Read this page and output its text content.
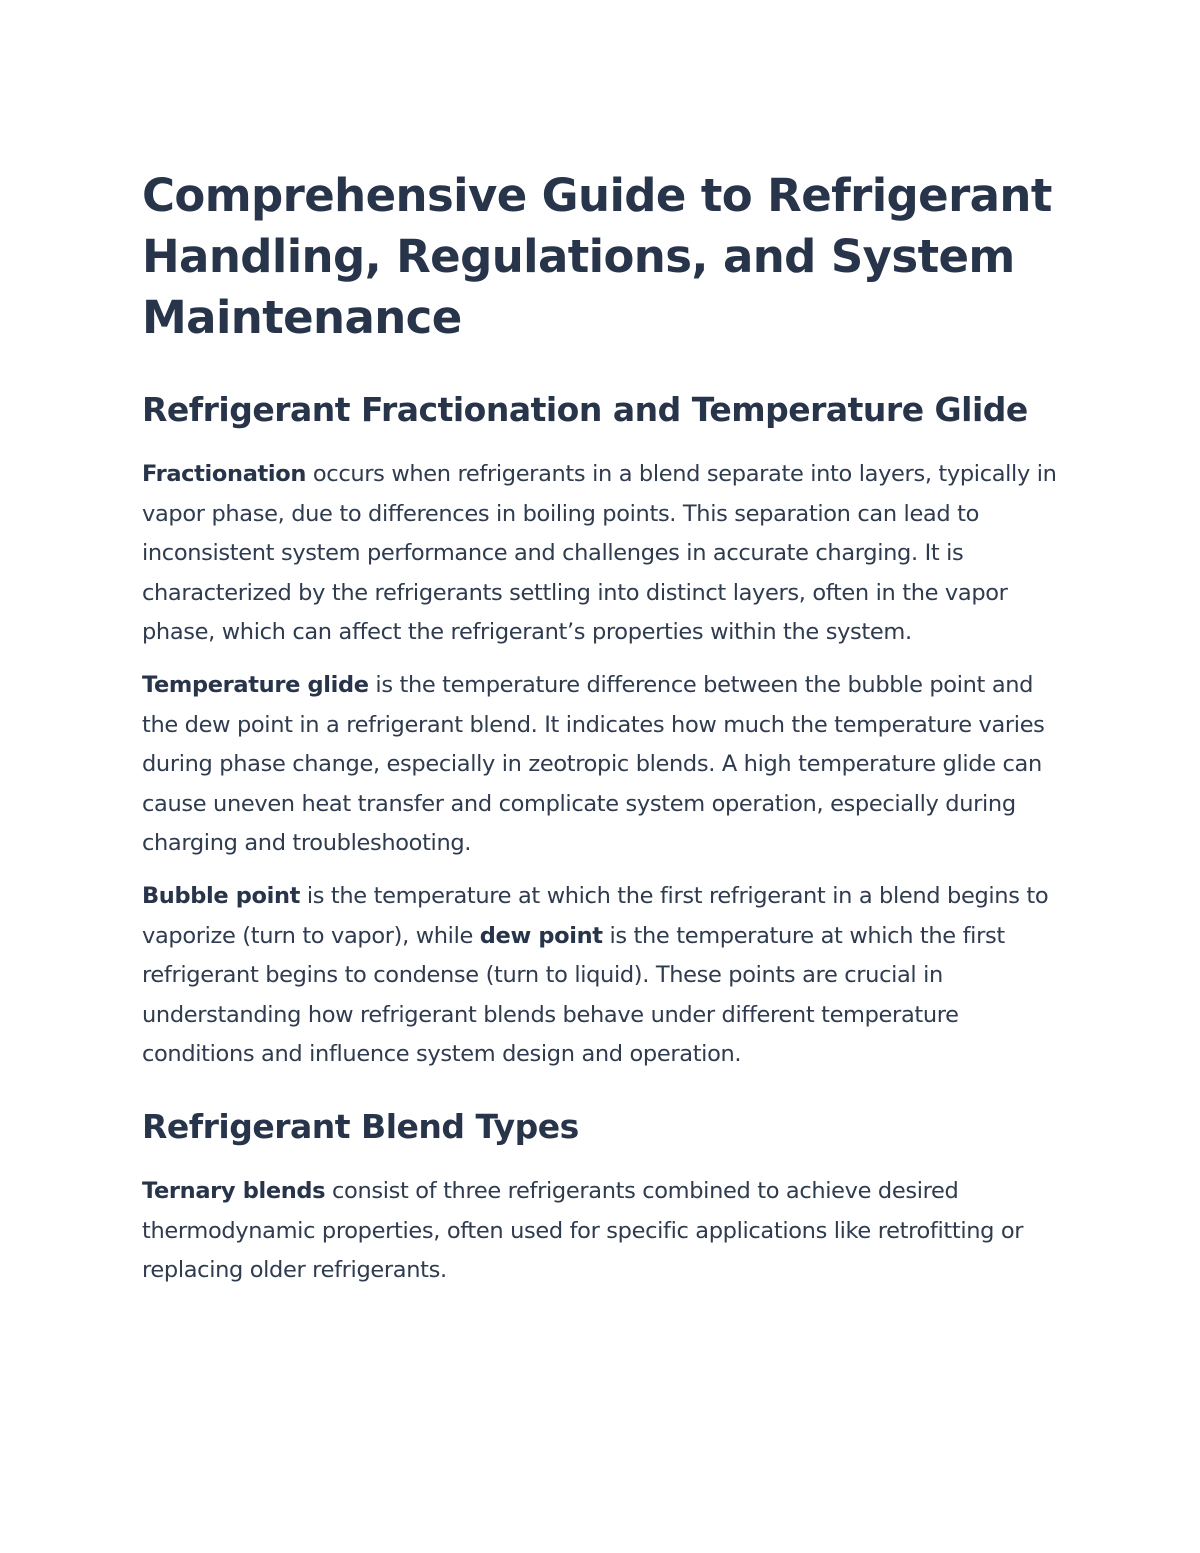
Comprehensive Guide to Refrigerant Handling, Regulations, and System Maintenance
Refrigerant Fractionation and Temperature Glide

Fractionation occurs when refrigerants in a blend separate into layers, typically in vapor phase, due to differences in boiling points. This separation can lead to inconsistent system performance and challenges in accurate charging. It is characterized by the refrigerants settling into distinct layers, often in the vapor phase, which can affect the refrigerant’s properties within the system.

Temperature glide is the temperature difference between the bubble point and the dew point in a refrigerant blend. It indicates how much the temperature varies during phase change, especially in zeotropic blends. A high temperature glide can cause uneven heat transfer and complicate system operation, especially during charging and troubleshooting.

Bubble point is the temperature at which the first refrigerant in a blend begins to vaporize (turn to vapor), while dew point is the temperature at which the first refrigerant begins to condense (turn to liquid). These points are crucial in understanding how refrigerant blends behave under different temperature conditions and influence system design and operation.

Refrigerant Blend Types

Ternary blends consist of three refrigerants combined to achieve desired thermodynamic properties, often used for specific applications like retrofitting or replacing older refrigerants.
